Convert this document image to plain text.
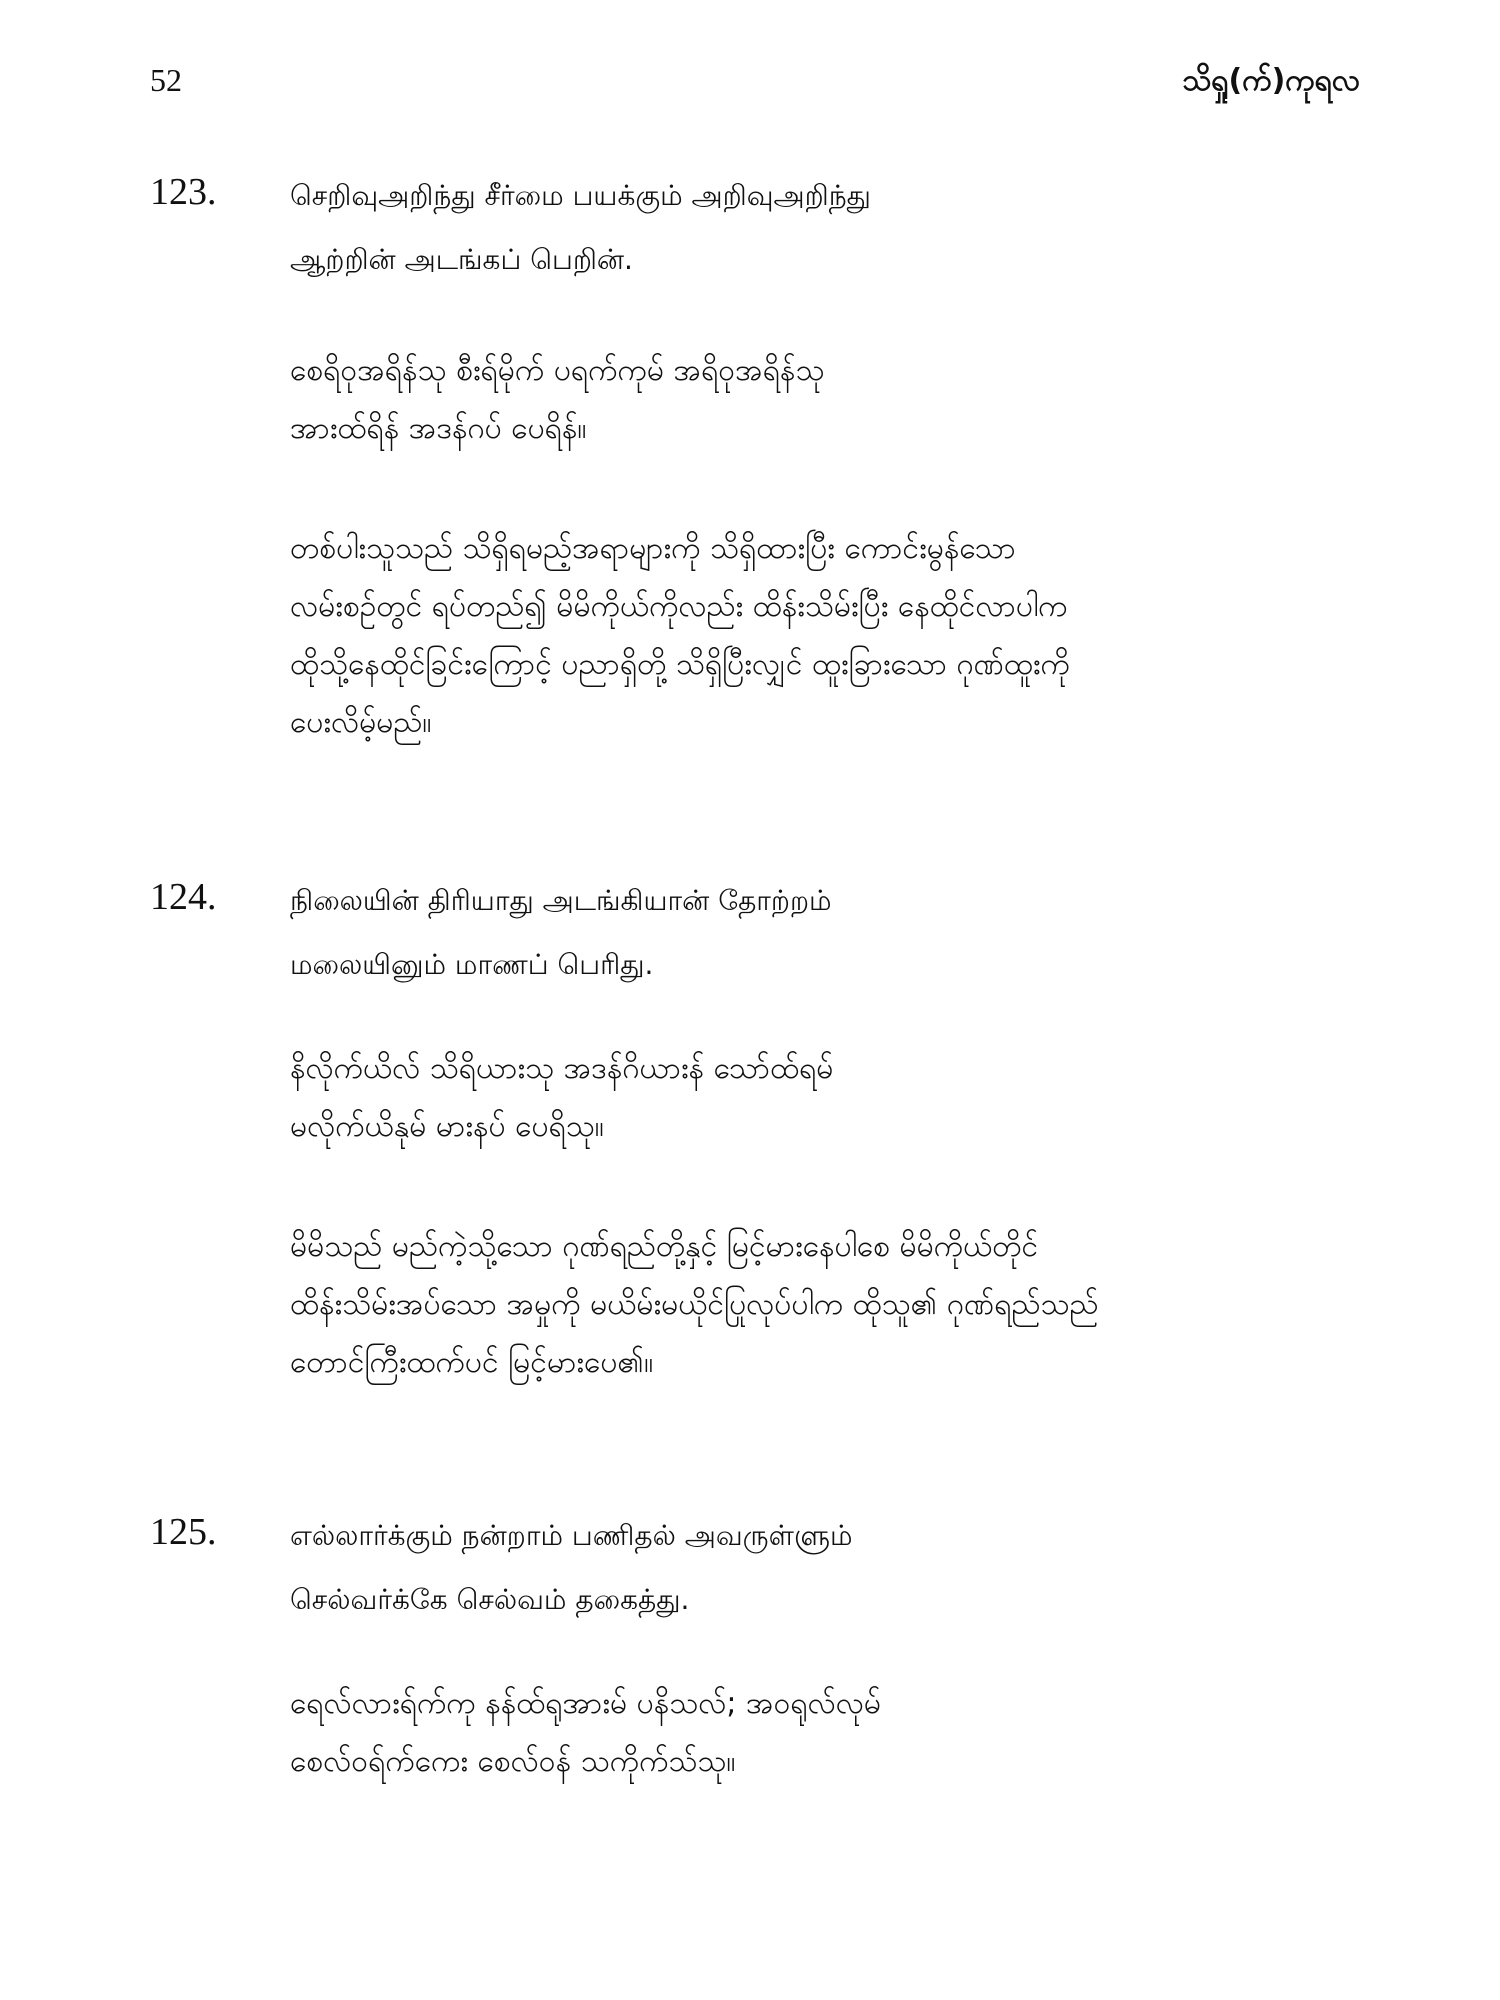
52	သိရှု(က်)ကုရလ
123.	செறிவுஅறிந்து சீர்மை பயக்கும் அறிவுஅறிந்து
ஆற்றின் அடங்கப் பெறின்.
စေရိဝုအရိန်သု စီးရ်မိုက် ပရက်ကုမ် အရိဝုအရိန်သု
အားထ်ရိန် အဒန်ဂပ် ပေရိန်။
တစ်ပါးသူသည် သိရှိရမည့်အရာများကို သိရှိထားပြီး ကောင်းမွန်သော
လမ်းစဉ်တွင် ရပ်တည်၍ မိမိကိုယ်ကိုလည်း ထိန်းသိမ်းပြီး နေထိုင်လာပါက
ထိုသို့နေထိုင်ခြင်းကြောင့် ပညာရှိတို့ သိရှိပြီးလျှင် ထူးခြားသော ဂုဏ်ထူးကို
ပေးလိမ့်မည်။
124.	நிலையின் திரியாது அடங்கியான் தோற்றம்
மலையினும் மாணப் பெரிது.
နိလိုက်ယိလ် သိရိယားသု အဒန်ဂိယားန် သော်ထ်ရမ်
မလိုက်ယိနုမ် မားနပ် ပေရိသု။
မိမိသည် မည်ကဲ့သို့သော ဂုဏ်ရည်တို့နှင့် မြင့်မားနေပါစေ မိမိကိုယ်တိုင်
ထိန်းသိမ်းအပ်သော အမှုကို မယိမ်းမယိုင်ပြုလုပ်ပါက ထိုသူ၏ ဂုဏ်ရည်သည်
တောင်ကြီးထက်ပင် မြင့်မားပေ၏။
125.	எல்லார்க்கும் நன்றாம் பணிதல் அவருள்ளும்
செல்வர்க்கே செல்வம் தகைத்து.
ရေလ်လားရ်က်ကု နန်ထ်ရုအားမ် ပနိသလ်; အဝရုလ်လုမ်
စေလ်ဝရ်က်ကေး စေလ်ဝန် သကိုက်သ်သု။
